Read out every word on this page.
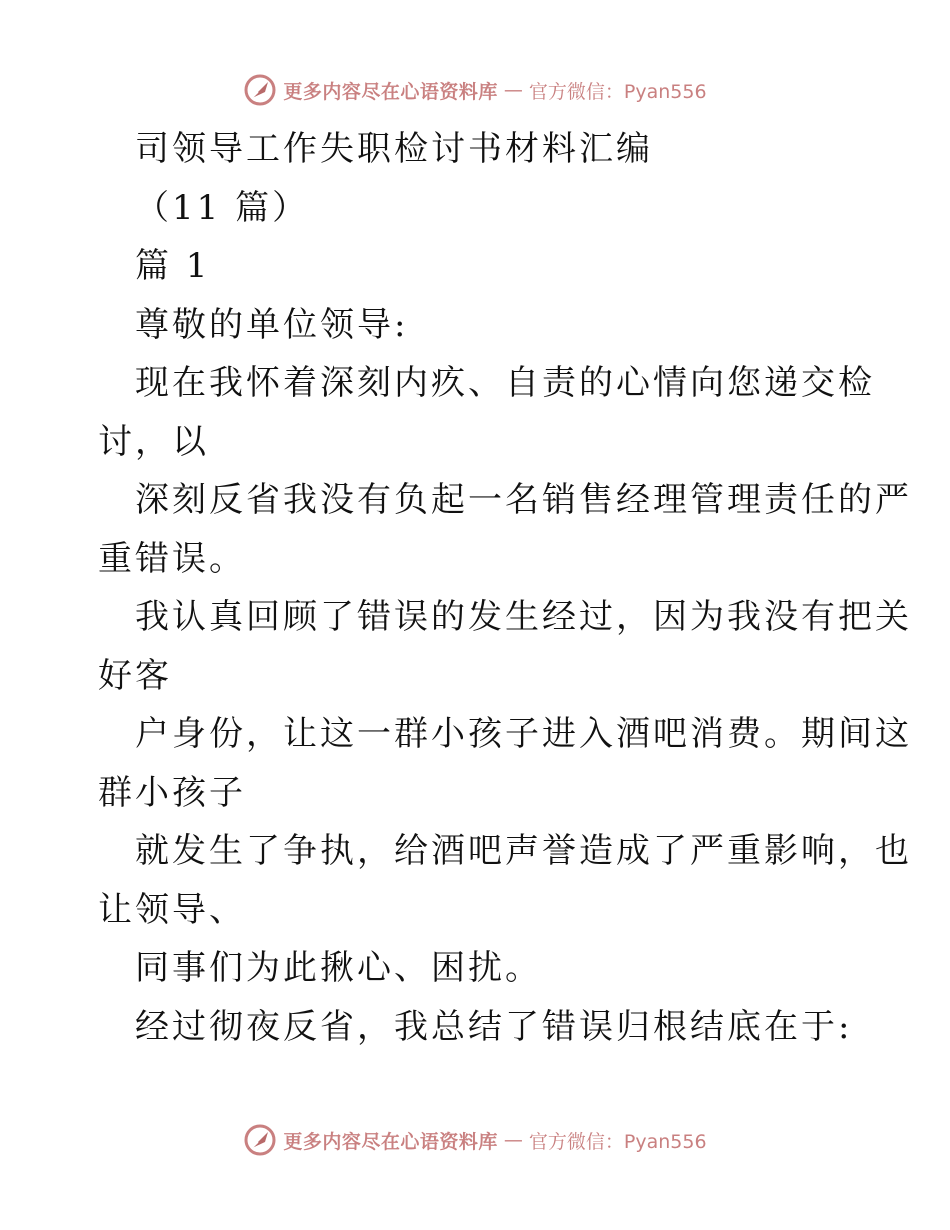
更多内容尽在心语资料库 — 官方微信：Pyan556
司领导工作失职检讨书材料汇编
（11 篇）
篇 1
尊敬的单位领导:
现在我怀着深刻内疚、自责的心情向您递交检
讨，以
深刻反省我没有负起一名销售经理管理责任的严
重错误。
我认真回顾了错误的发生经过，因为我没有把关
好客
户身份，让这一群小孩子进入酒吧消费。期间这
群小孩子
就发生了争执，给酒吧声誉造成了严重影响，也
让领导、
同事们为此揪心、困扰。
经过彻夜反省，我总结了错误归根结底在于:
更多内容尽在心语资料库 — 官方微信：Pyan556
